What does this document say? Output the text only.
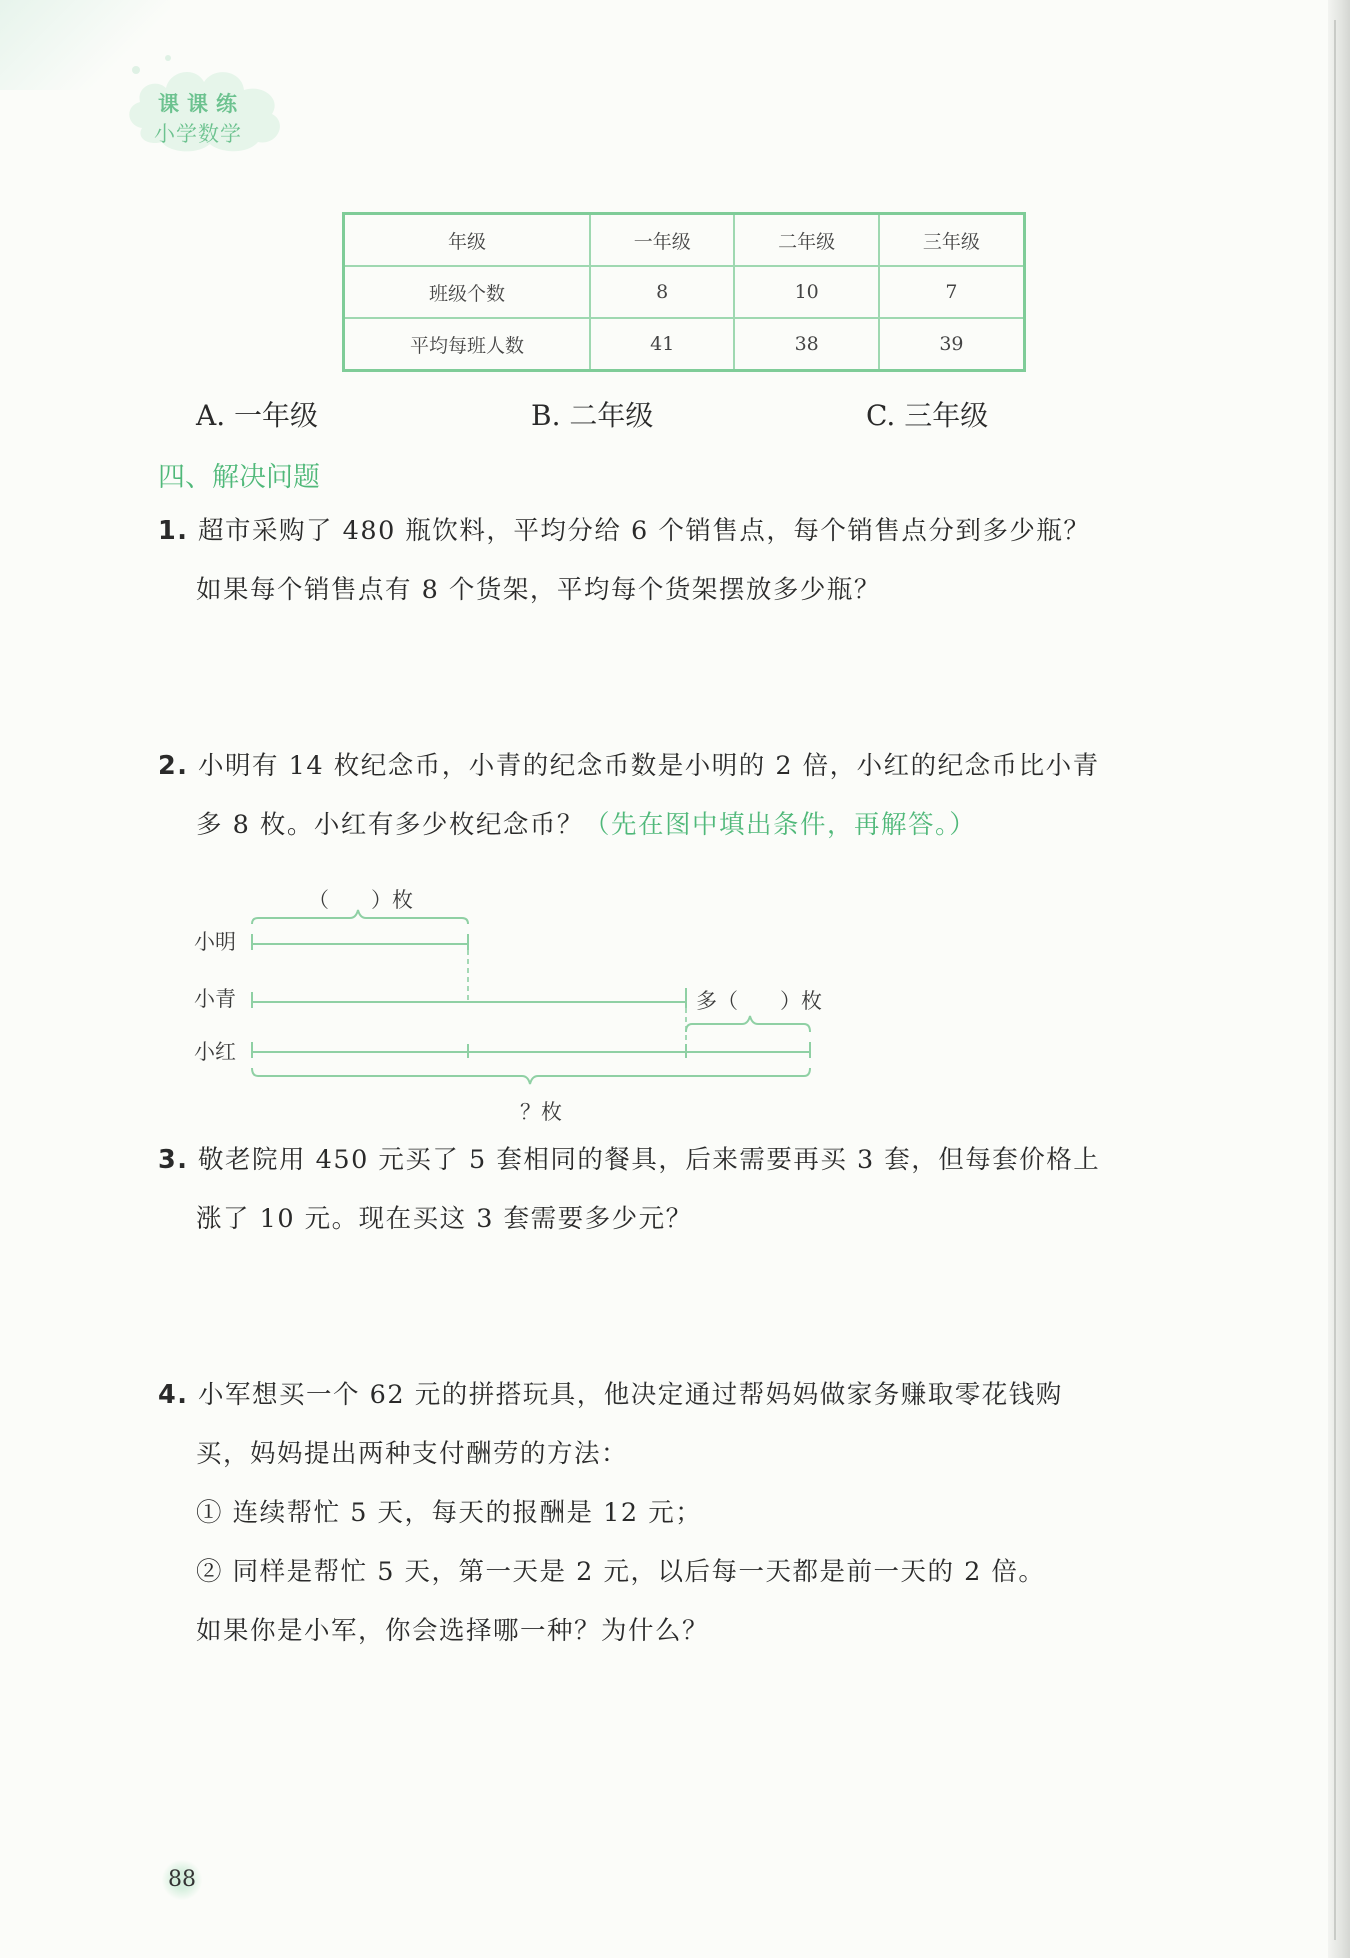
课课练
小学数学
年级	一年级	二年级	三年级
班级个数	8	10	7
平均每班人数	41	38	39
A. 一年级	B. 二年级	C. 三年级
四、解决问题
1. 超市采购了 480 瓶饮料，平均分给 6 个销售点，每个销售点分到多少瓶？
如果每个销售点有 8 个货架，平均每个货架摆放多少瓶？
2. 小明有 14 枚纪念币，小青的纪念币数是小明的 2 倍，小红的纪念币比小青
多 8 枚。小红有多少枚纪念币？（先在图中填出条件，再解答。）
（　　）枚
小明
小青
小红
多（　　）枚
？枚
3. 敬老院用 450 元买了 5 套相同的餐具，后来需要再买 3 套，但每套价格上
涨了 10 元。现在买这 3 套需要多少元？
4. 小军想买一个 62 元的拼搭玩具，他决定通过帮妈妈做家务赚取零花钱购
买，妈妈提出两种支付酬劳的方法：
① 连续帮忙 5 天，每天的报酬是 12 元；
② 同样是帮忙 5 天，第一天是 2 元，以后每一天都是前一天的 2 倍。
如果你是小军，你会选择哪一种？为什么？
88
